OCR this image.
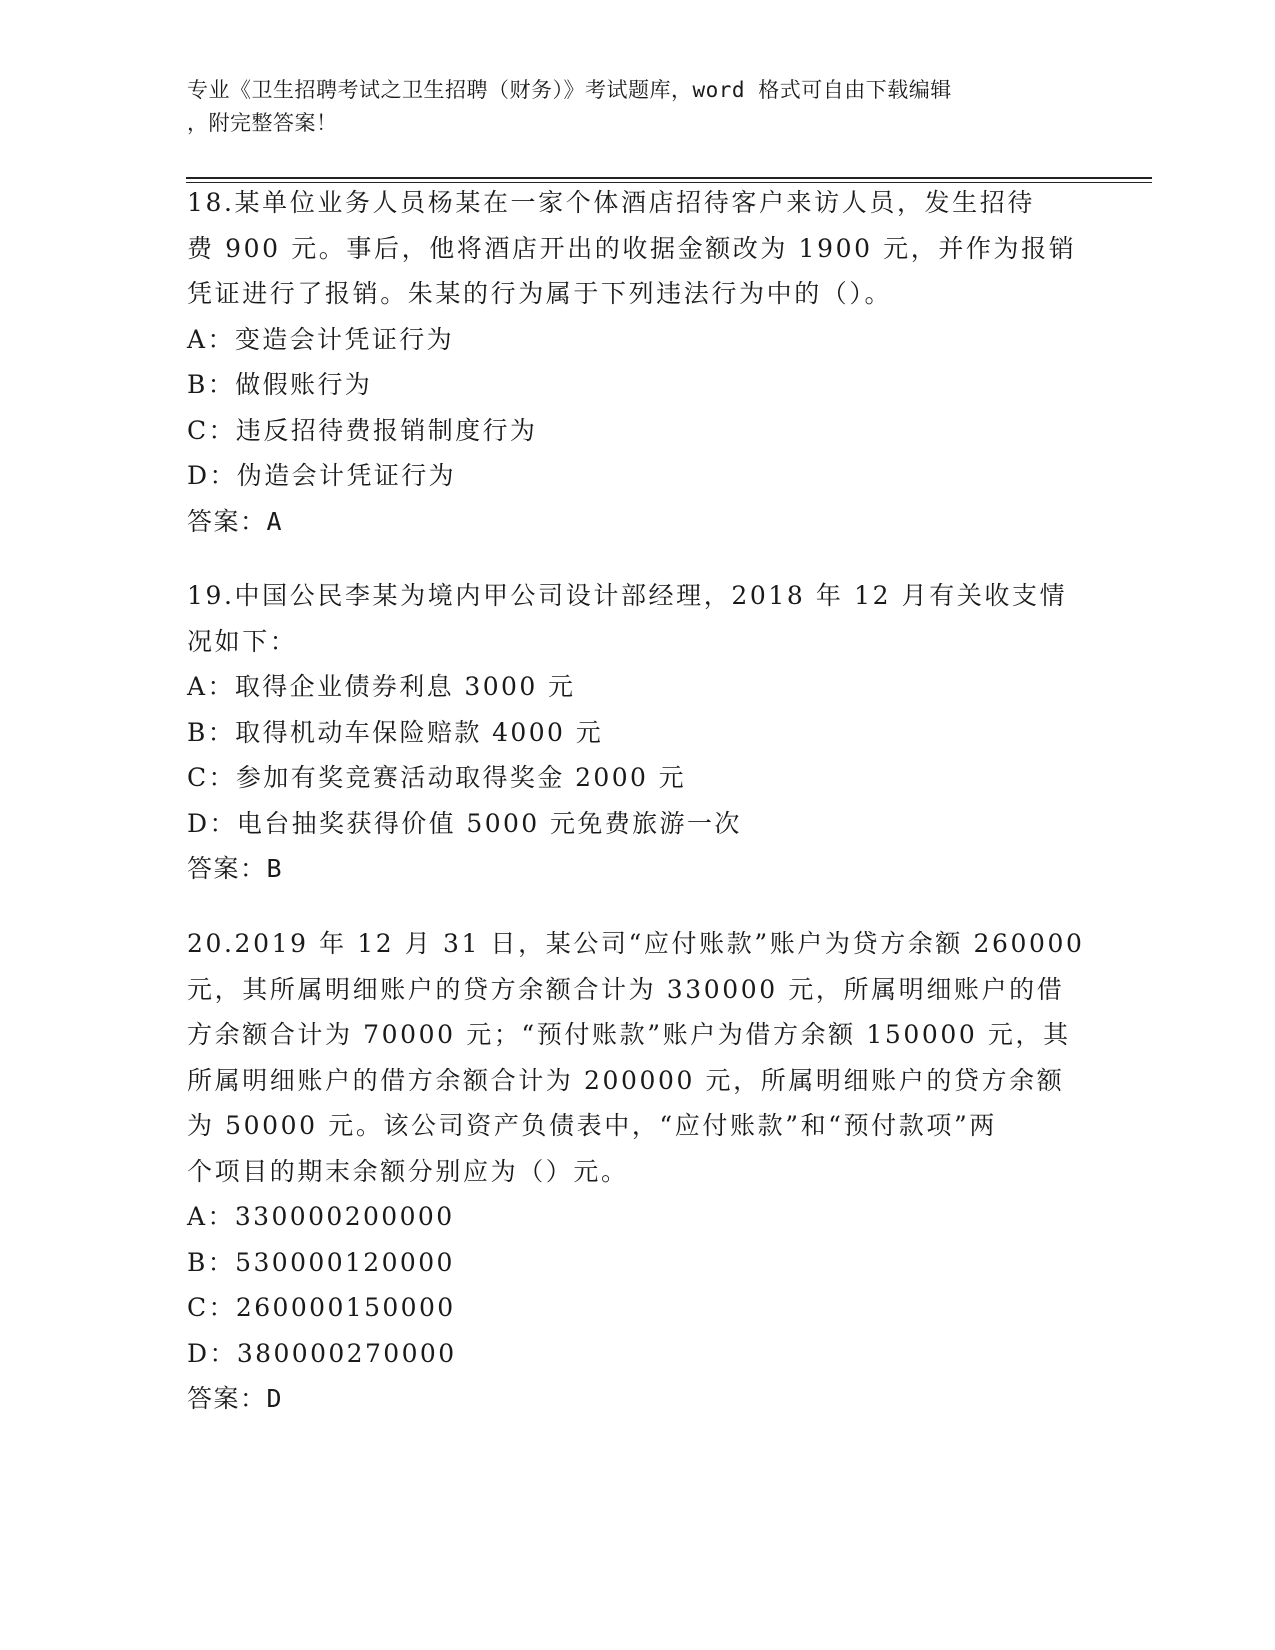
专业《卫生招聘考试之卫生招聘（财务）》考试题库，word 格式可自由下载编辑
，附完整答案！
18.某单位业务人员杨某在一家个体酒店招待客户来访人员，发生招待
费 900 元。事后，他将酒店开出的收据金额改为 1900 元，并作为报销
凭证进行了报销。朱某的行为属于下列违法行为中的（）。
A：变造会计凭证行为
B：做假账行为
C：违反招待费报销制度行为
D：伪造会计凭证行为
答案：A
19.中国公民李某为境内甲公司设计部经理，2018 年 12 月有关收支情
况如下：
A：取得企业债券利息 3000 元
B：取得机动车保险赔款 4000 元
C：参加有奖竞赛活动取得奖金 2000 元
D：电台抽奖获得价值 5000 元免费旅游一次
答案：B
20.2019 年 12 月 31 日，某公司“应付账款”账户为贷方余额 260000
元，其所属明细账户的贷方余额合计为 330000 元，所属明细账户的借
方余额合计为 70000 元；“预付账款”账户为借方余额 150000 元，其
所属明细账户的借方余额合计为 200000 元，所属明细账户的贷方余额
为 50000 元。该公司资产负债表中，“应付账款”和“预付款项”两
个项目的期末余额分别应为（）元。
A：330000200000
B：530000120000
C：260000150000
D：380000270000
答案：D
